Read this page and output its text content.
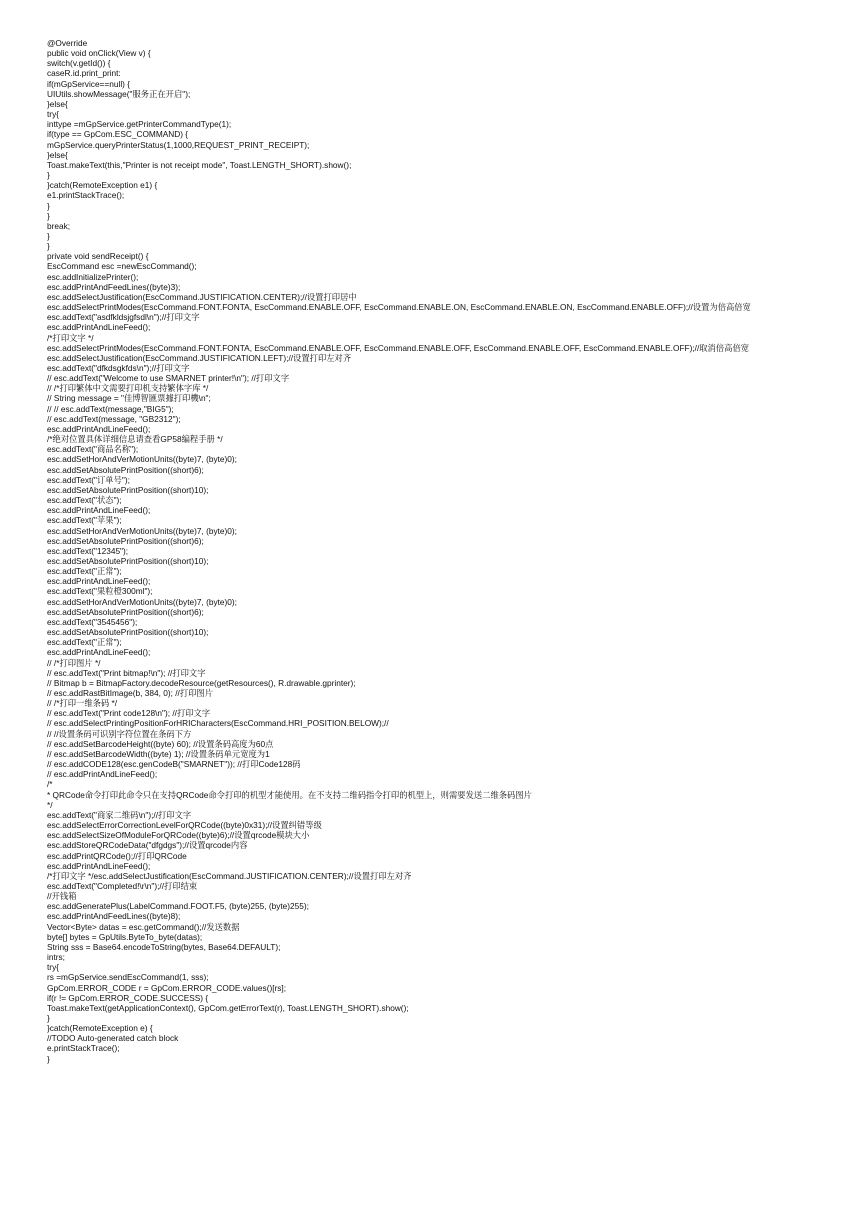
@Override
public void onClick(View v) {
switch(v.getId()) {
caseR.id.print_print:
if(mGpService==null) {
UIUtils.showMessage("服务正在开启");
}else{
try{
inttype =mGpService.getPrinterCommandType(1);
if(type == GpCom.ESC_COMMAND) {
mGpService.queryPrinterStatus(1,1000,REQUEST_PRINT_RECEIPT);
}else{
Toast.makeText(this,"Printer is not receipt mode", Toast.LENGTH_SHORT).show();
}
}catch(RemoteException e1) {
e1.printStackTrace();
}
}
break;
}
}
private void sendReceipt() {
EscCommand esc =newEscCommand();
esc.addInitializePrinter();
esc.addPrintAndFeedLines((byte)3);
esc.addSelectJustification(EscCommand.JUSTIFICATION.CENTER);//设置打印居中
esc.addSelectPrintModes(EscCommand.FONT.FONTA, EscCommand.ENABLE.OFF, EscCommand.ENABLE.ON, EscCommand.ENABLE.ON, EscCommand.ENABLE.OFF);//设置为倍高倍宽
esc.addText("asdfkldsjgfsdl\n");//打印文字
esc.addPrintAndLineFeed();
/*打印文字 */
esc.addSelectPrintModes(EscCommand.FONT.FONTA, EscCommand.ENABLE.OFF, EscCommand.ENABLE.OFF, EscCommand.ENABLE.OFF, EscCommand.ENABLE.OFF);//取消倍高倍宽
esc.addSelectJustification(EscCommand.JUSTIFICATION.LEFT);//设置打印左对齐
esc.addText("dfkdsgkfds\n");//打印文字
// esc.addText("Welcome to use SMARNET printer!\n"); //打印文字
// /*打印繁体中文需要打印机支持繁体字库 */
// String message = "佳博智匯票據打印機\n";
// // esc.addText(message,"BIG5");
// esc.addText(message, "GB2312");
esc.addPrintAndLineFeed();
/*绝对位置具体详细信息请查看GP58编程手册 */
esc.addText("商品名称");
esc.addSetHorAndVerMotionUnits((byte)7, (byte)0);
esc.addSetAbsolutePrintPosition((short)6);
esc.addText("订单号");
esc.addSetAbsolutePrintPosition((short)10);
esc.addText("状态");
esc.addPrintAndLineFeed();
esc.addText("苹果");
esc.addSetHorAndVerMotionUnits((byte)7, (byte)0);
esc.addSetAbsolutePrintPosition((short)6);
esc.addText("12345");
esc.addSetAbsolutePrintPosition((short)10);
esc.addText("正常");
esc.addPrintAndLineFeed();
esc.addText("果粒橙300ml");
esc.addSetHorAndVerMotionUnits((byte)7, (byte)0);
esc.addSetAbsolutePrintPosition((short)6);
esc.addText("3545456");
esc.addSetAbsolutePrintPosition((short)10);
esc.addText("正常");
esc.addPrintAndLineFeed();
// /*打印图片 */
// esc.addText("Print bitmap!\n"); //打印文字
// Bitmap b = BitmapFactory.decodeResource(getResources(), R.drawable.gprinter);
// esc.addRastBitImage(b, 384, 0); //打印图片
// /*打印一维条码 */
// esc.addText("Print code128\n"); //打印文字
// esc.addSelectPrintingPositionForHRICharacters(EscCommand.HRI_POSITION.BELOW);//
// //设置条码可识别字符位置在条码下方
// esc.addSetBarcodeHeight((byte) 60); //设置条码高度为60点
// esc.addSetBarcodeWidth((byte) 1); //设置条码单元宽度为1
// esc.addCODE128(esc.genCodeB("SMARNET")); //打印Code128码
// esc.addPrintAndLineFeed();
/*
* QRCode命令打印此命令只在支持QRCode命令打印的机型才能使用。在不支持二维码指令打印的机型上，则需要发送二维条码图片
*/
esc.addText("商家二维码\n");//打印文字
esc.addSelectErrorCorrectionLevelForQRCode((byte)0x31);//设置纠错等级
esc.addSelectSizeOfModuleForQRCode((byte)6);//设置qrcode模块大小
esc.addStoreQRCodeData("dfgdgs");//设置qrcode内容
esc.addPrintQRCode();//打印QRCode
esc.addPrintAndLineFeed();
/*打印文字 */esc.addSelectJustification(EscCommand.JUSTIFICATION.CENTER);//设置打印左对齐
esc.addText("Completed!\r\n");//打印结束
//开钱箱
esc.addGeneratePlus(LabelCommand.FOOT.F5, (byte)255, (byte)255);
esc.addPrintAndFeedLines((byte)8);
Vector<Byte> datas = esc.getCommand();//发送数据
byte[] bytes = GpUtils.ByteTo_byte(datas);
String sss = Base64.encodeToString(bytes, Base64.DEFAULT);
intrs;
try{
rs =mGpService.sendEscCommand(1, sss);
GpCom.ERROR_CODE r = GpCom.ERROR_CODE.values()[rs];
if(r != GpCom.ERROR_CODE.SUCCESS) {
Toast.makeText(getApplicationContext(), GpCom.getErrorText(r), Toast.LENGTH_SHORT).show();
}
}catch(RemoteException e) {
//TODO Auto-generated catch block
e.printStackTrace();
}
